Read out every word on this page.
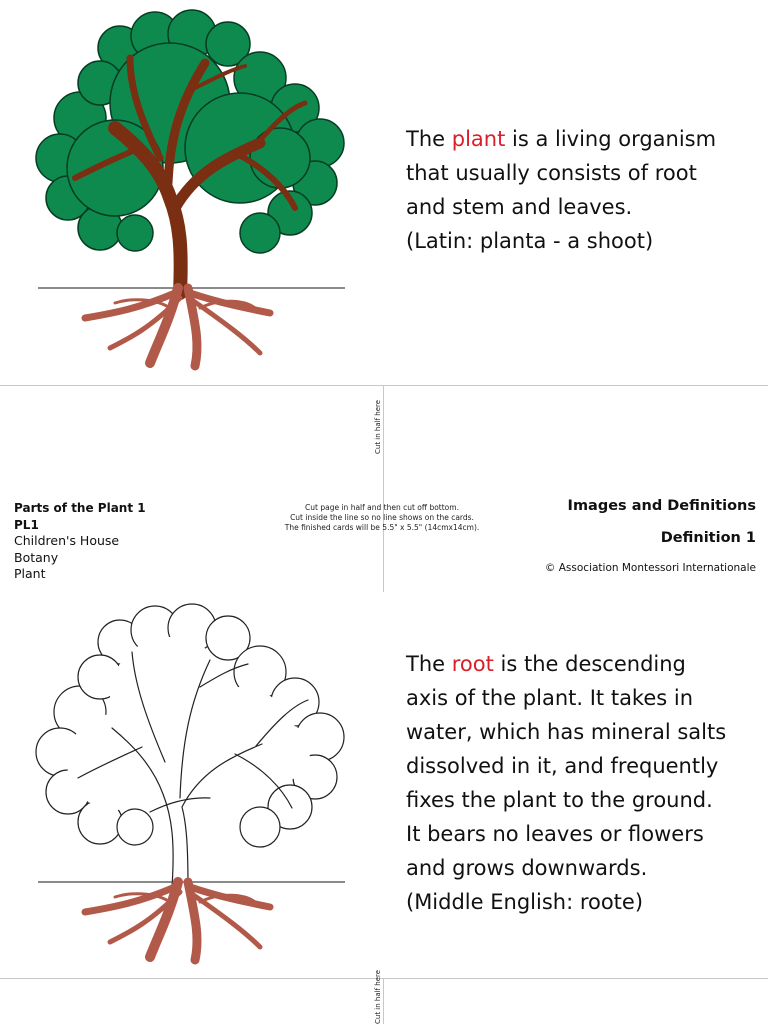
The plant is a living organism
that usually consists of root
and stem and leaves.
(Latin: planta - a shoot)
Cut in half here
Parts of the Plant 1
PL1
Children's House
Botany
Plant
Cut page in half and then cut off bottom.
Cut inside the line so no line shows on the cards.
The finished cards will be 5.5" x 5.5" (14cmx14cm).
Images and Definitions
Definition 1
© Association Montessori Internationale
The root is the descending
axis of the plant. It takes in
water, which has mineral salts
dissolved in it, and frequently
fixes the plant to the ground.
It bears no leaves or flowers
and grows downwards.
(Middle English: roote)
Cut in half here
